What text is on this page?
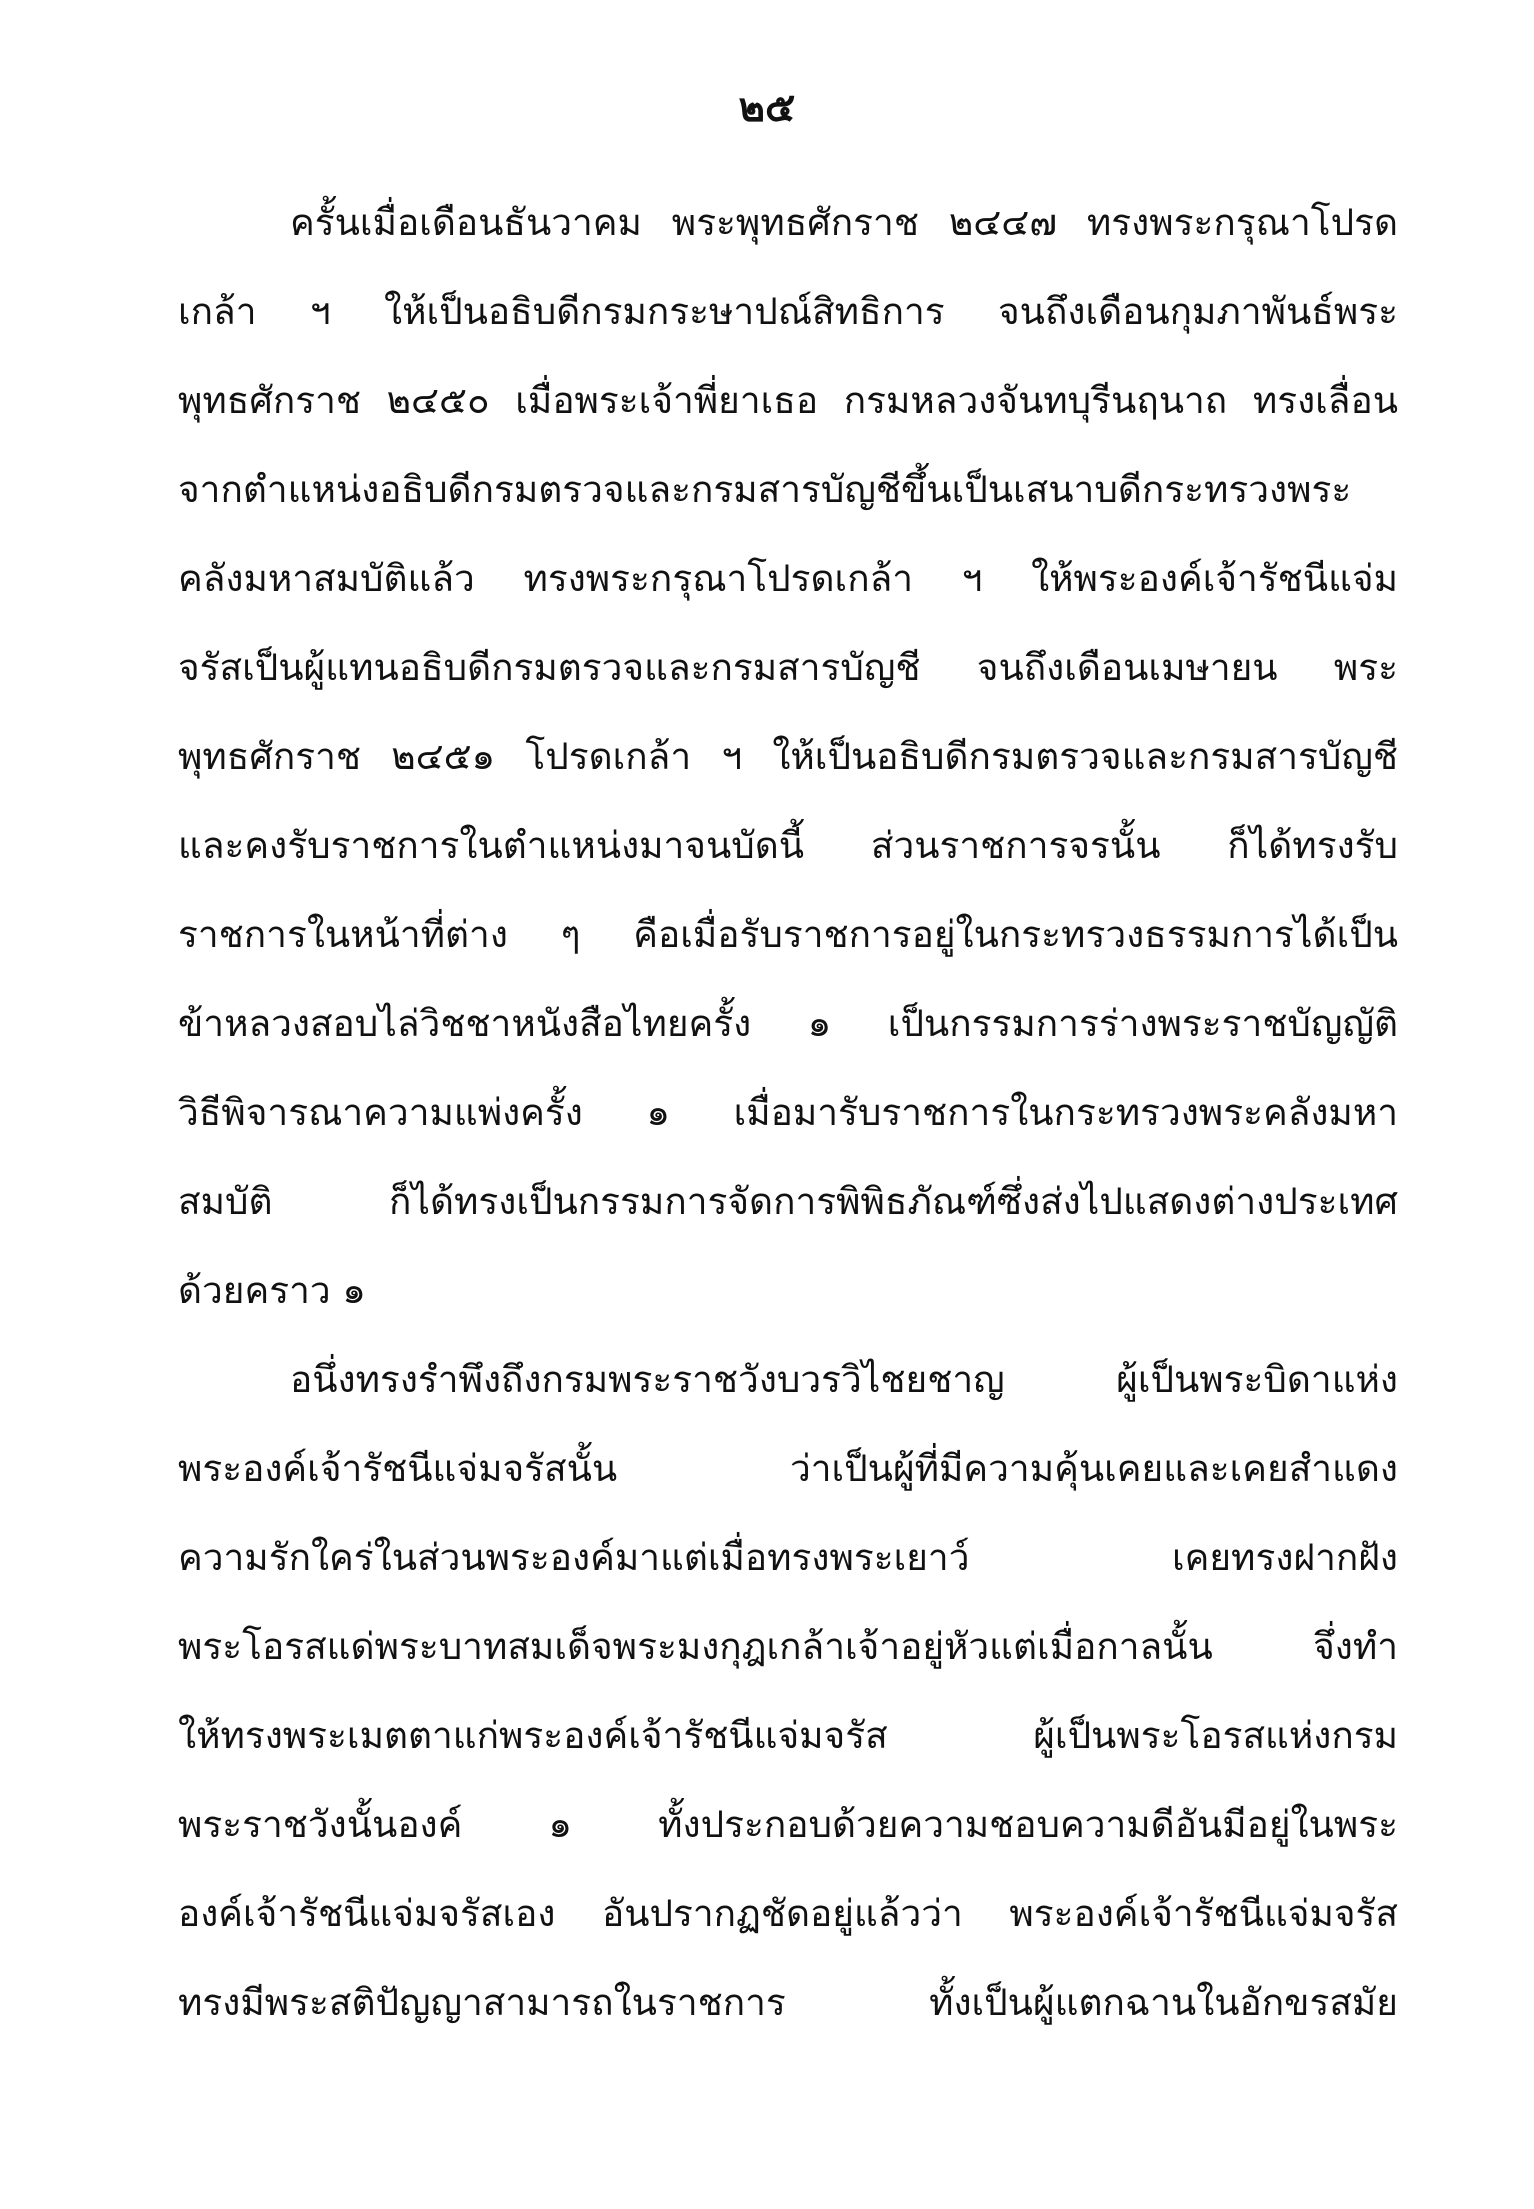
๒๕
ครั้นเมื่อเดือนธันวาคม พระพุทธศักราช ๒๔๔๗ ทรงพระกรุณาโปรด
เกล้า ฯ ให้เป็นอธิบดีกรมกระษาปณ์สิทธิการ จนถึงเดือนกุมภาพันธ์พระ
พุทธศักราช ๒๔๕๐ เมื่อพระเจ้าพี่ยาเธอ กรมหลวงจันทบุรีนฤนาถ ทรงเลื่อน
จากตำแหน่งอธิบดีกรมตรวจและกรมสารบัญชีขึ้นเป็นเสนาบดีกระทรวงพระ
คลังมหาสมบัติแล้ว ทรงพระกรุณาโปรดเกล้า ฯ ให้พระองค์เจ้ารัชนีแจ่ม
จรัสเป็นผู้แทนอธิบดีกรมตรวจและกรมสารบัญชี จนถึงเดือนเมษายน พระ
พุทธศักราช ๒๔๕๑ โปรดเกล้า ฯ ให้เป็นอธิบดีกรมตรวจและกรมสารบัญชี
และคงรับราชการในตำแหน่งมาจนบัดนี้ ส่วนราชการจรนั้น ก็ได้ทรงรับ
ราชการในหน้าที่ต่าง ๆ คือเมื่อรับราชการอยู่ในกระทรวงธรรมการได้เป็น
ข้าหลวงสอบไล่วิชชาหนังสือไทยครั้ง ๑ เป็นกรรมการร่างพระราชบัญญัติ
วิธีพิจารณาความแพ่งครั้ง ๑ เมื่อมารับราชการในกระทรวงพระคลังมหา
สมบัติ ก็ได้ทรงเป็นกรรมการจัดการพิพิธภัณฑ์ซึ่งส่งไปแสดงต่างประเทศ
ด้วยคราว ๑
อนึ่งทรงรำพึงถึงกรมพระราชวังบวรวิไชยชาญ ผู้เป็นพระบิดาแห่ง
พระองค์เจ้ารัชนีแจ่มจรัสนั้น ว่าเป็นผู้ที่มีความคุ้นเคยและเคยสำแดง
ความรักใคร่ในส่วนพระองค์มาแต่เมื่อทรงพระเยาว์ เคยทรงฝากฝัง
พระโอรสแด่พระบาทสมเด็จพระมงกุฎเกล้าเจ้าอยู่หัวแต่เมื่อกาลนั้น จึ่งทำ
ให้ทรงพระเมตตาแก่พระองค์เจ้ารัชนีแจ่มจรัส ผู้เป็นพระโอรสแห่งกรม
พระราชวังนั้นองค์ ๑ ทั้งประกอบด้วยความชอบความดีอันมีอยู่ในพระ
องค์เจ้ารัชนีแจ่มจรัสเอง อันปรากฏชัดอยู่แล้วว่า พระองค์เจ้ารัชนีแจ่มจรัส
ทรงมีพระสติปัญญาสามารถในราชการ ทั้งเป็นผู้แตกฉานในอักขรสมัย
